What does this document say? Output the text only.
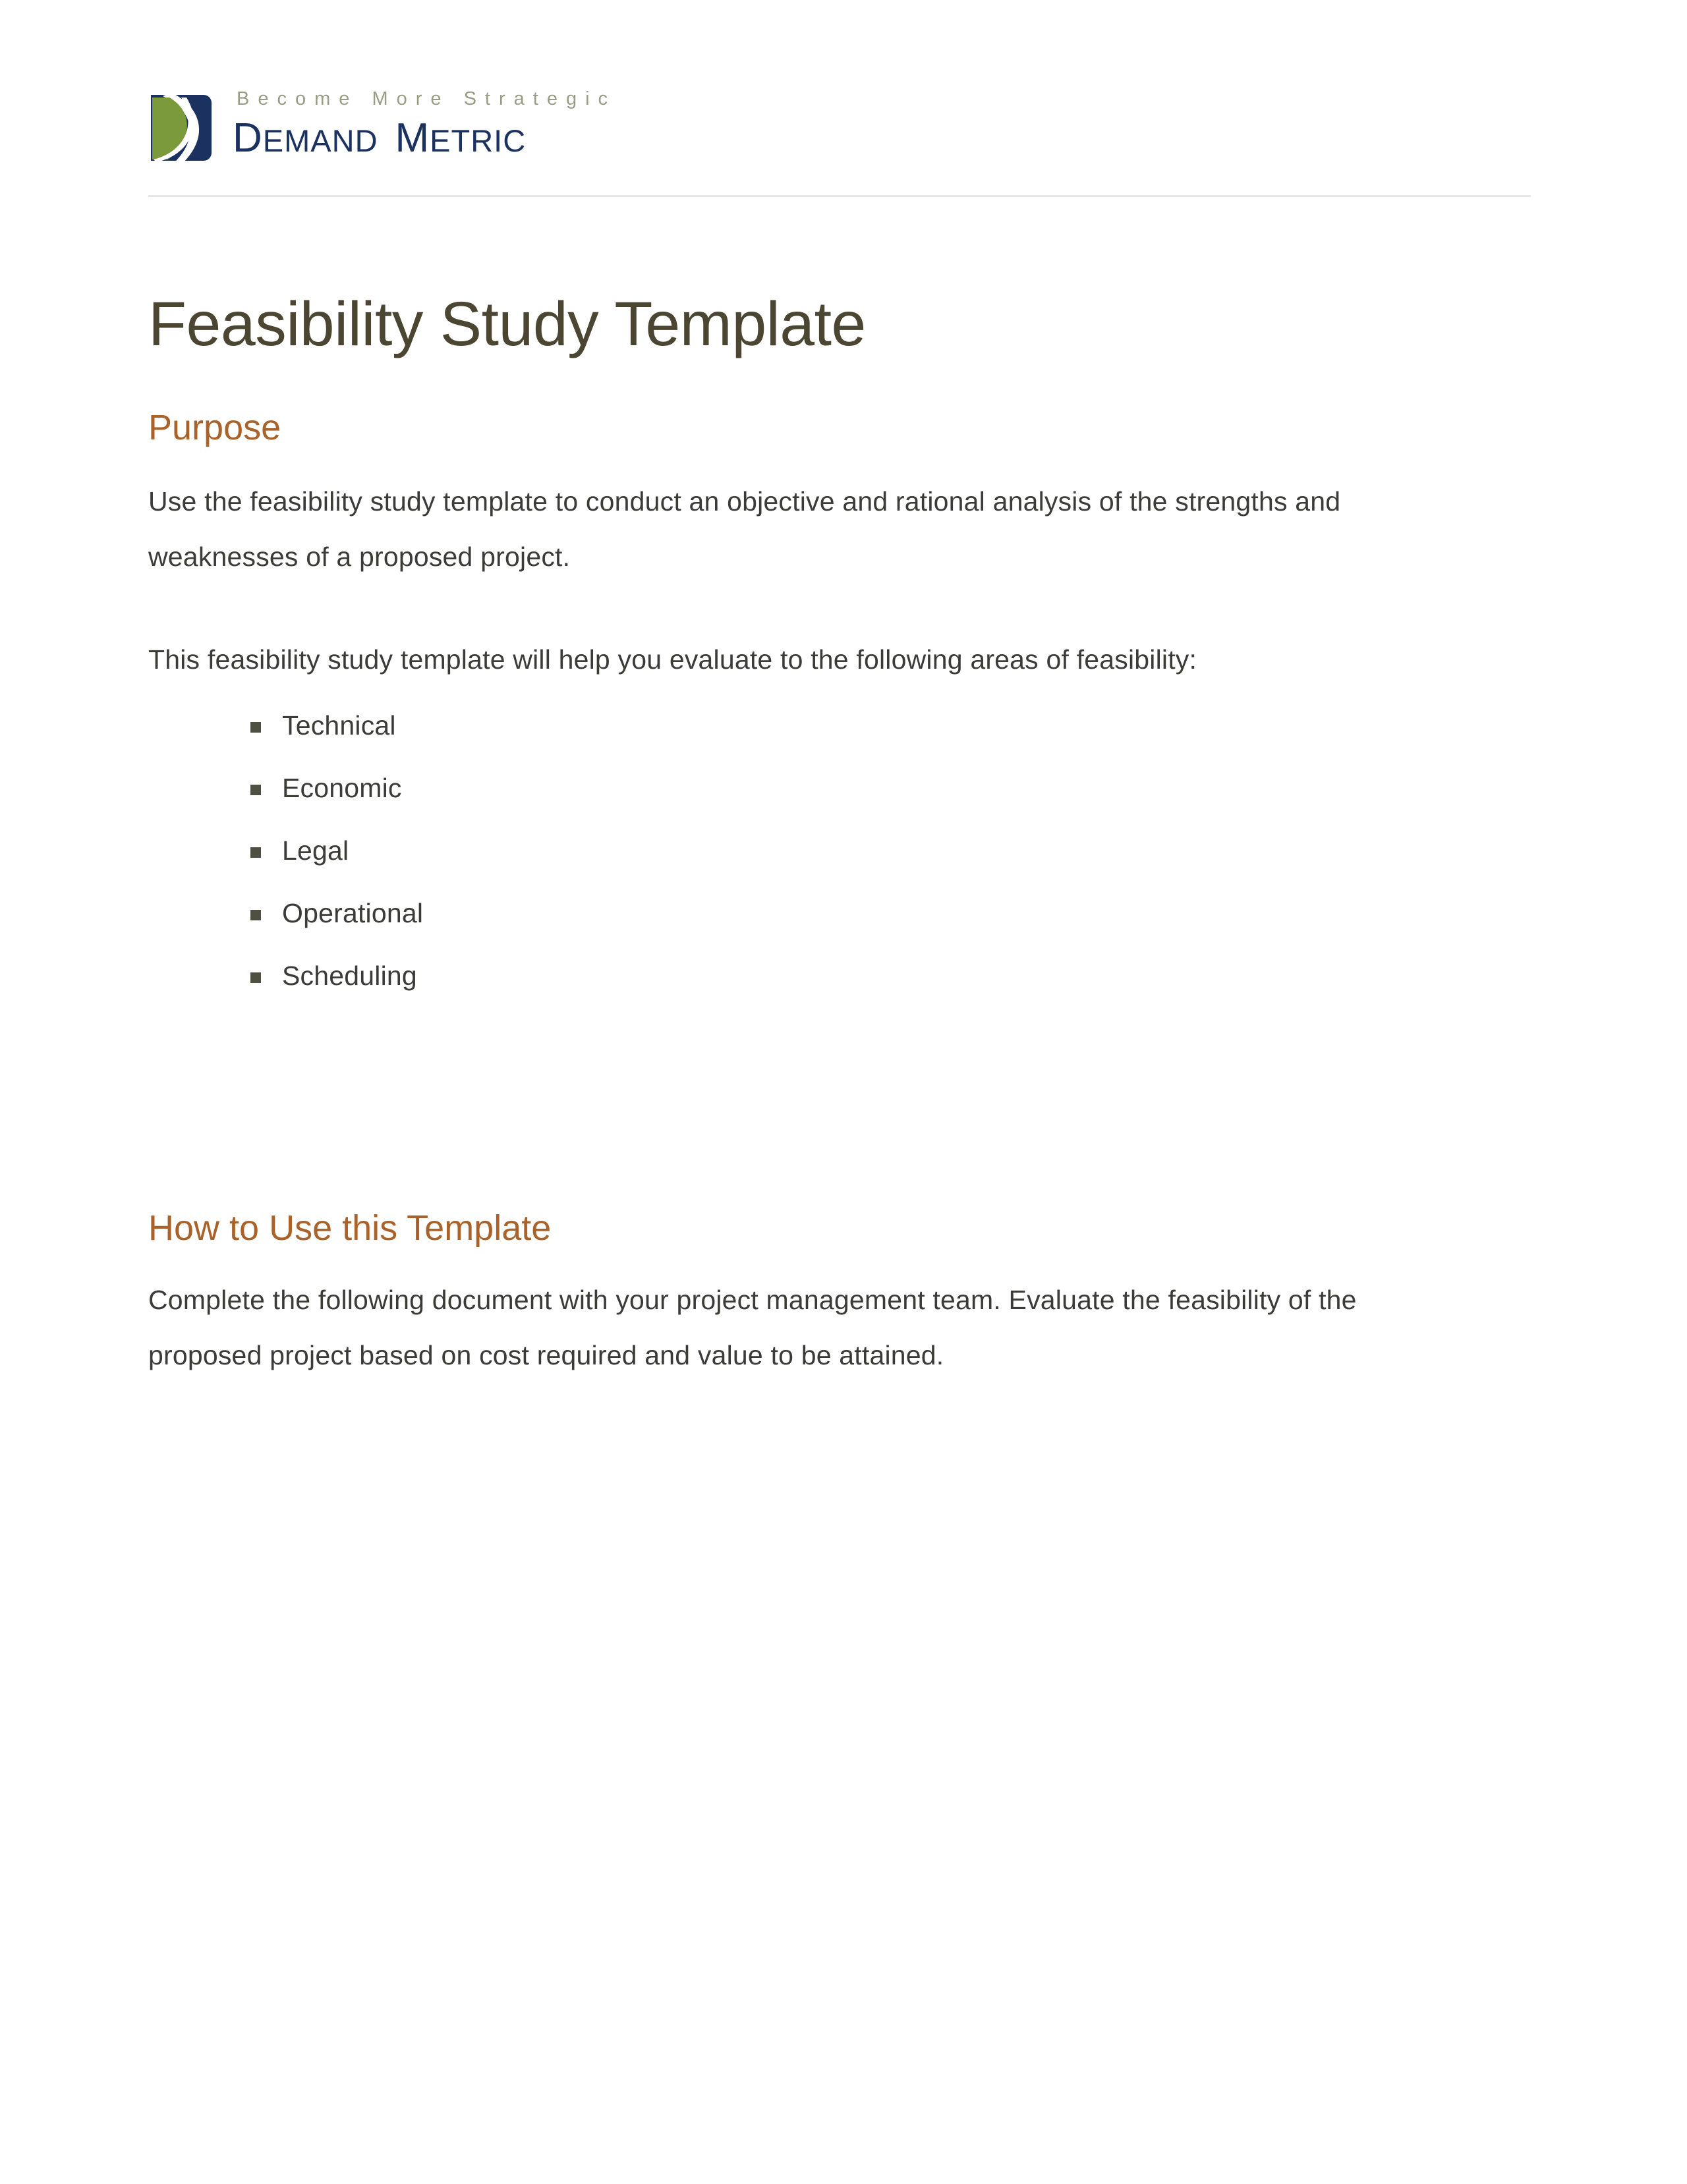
Become More Strategic
DEMAND METRIC
Feasibility Study Template
Purpose

Use the feasibility study template to conduct an objective and rational analysis of the strengths and weaknesses of a proposed project.

This feasibility study template will help you evaluate to the following areas of feasibility:

Technical
Economic
Legal
Operational
Scheduling
How to Use this Template

Complete the following document with your project management team. Evaluate the feasibility of the proposed project based on cost required and value to be attained.
